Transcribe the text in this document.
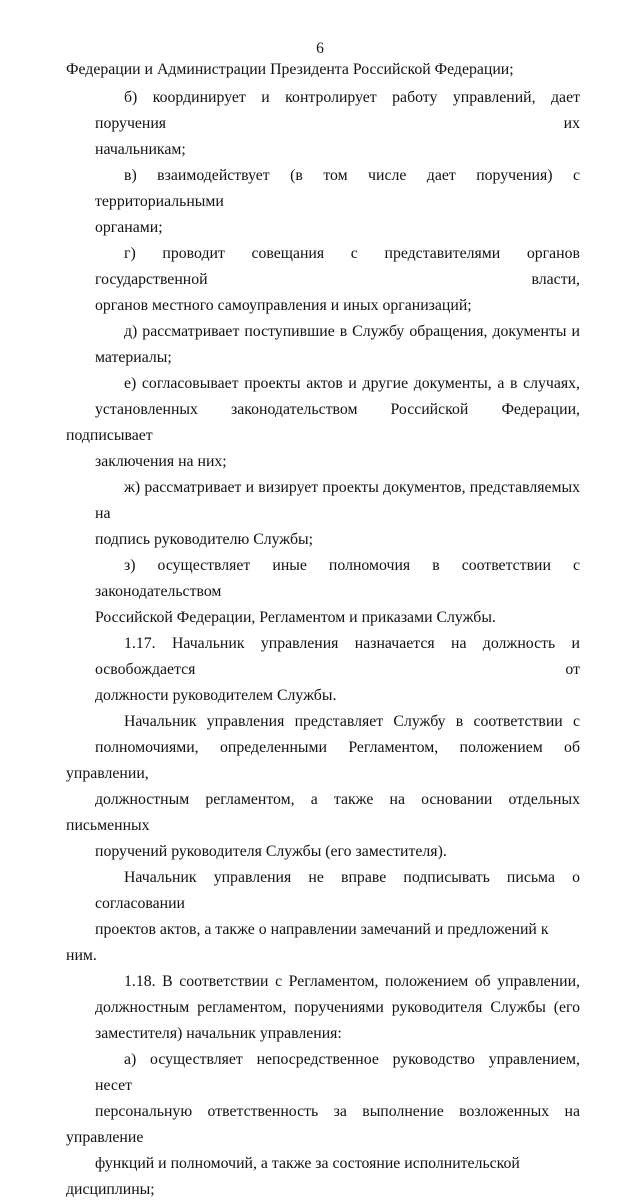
6
Федерации и Администрации Президента Российской Федерации;
б) координирует и контролирует работу управлений, дает поручения их
начальникам;
в) взаимодействует (в том числе дает поручения) с территориальными
органами;
г) проводит совещания с представителями органов государственной власти,
органов местного самоуправления и иных организаций;
д) рассматривает поступившие в Службу обращения, документы и
материалы;
е) согласовывает проекты актов и другие документы, а в случаях,
установленных законодательством Российской Федерации, подписывает
заключения на них;
ж) рассматривает и визирует проекты документов, представляемых на
подпись руководителю Службы;
з) осуществляет иные полномочия в соответствии с законодательством
Российской Федерации, Регламентом и приказами Службы.
1.17. Начальник управления назначается на должность и освобождается от
должности руководителем Службы.
Начальник управления представляет Службу в соответствии с
полномочиями, определенными Регламентом, положением об управлении,
должностным регламентом, а также на основании отдельных письменных
поручений руководителя Службы (его заместителя).
Начальник управления не вправе подписывать письма о согласовании
проектов актов, а также о направлении замечаний и предложений к ним.
1.18. В соответствии с Регламентом, положением об управлении,
должностным регламентом, поручениями руководителя Службы (его
заместителя) начальник управления:
а) осуществляет непосредственное руководство управлением, несет
персональную ответственность за выполнение возложенных на управление
функций и полномочий, а также за состояние исполнительской дисциплины;
